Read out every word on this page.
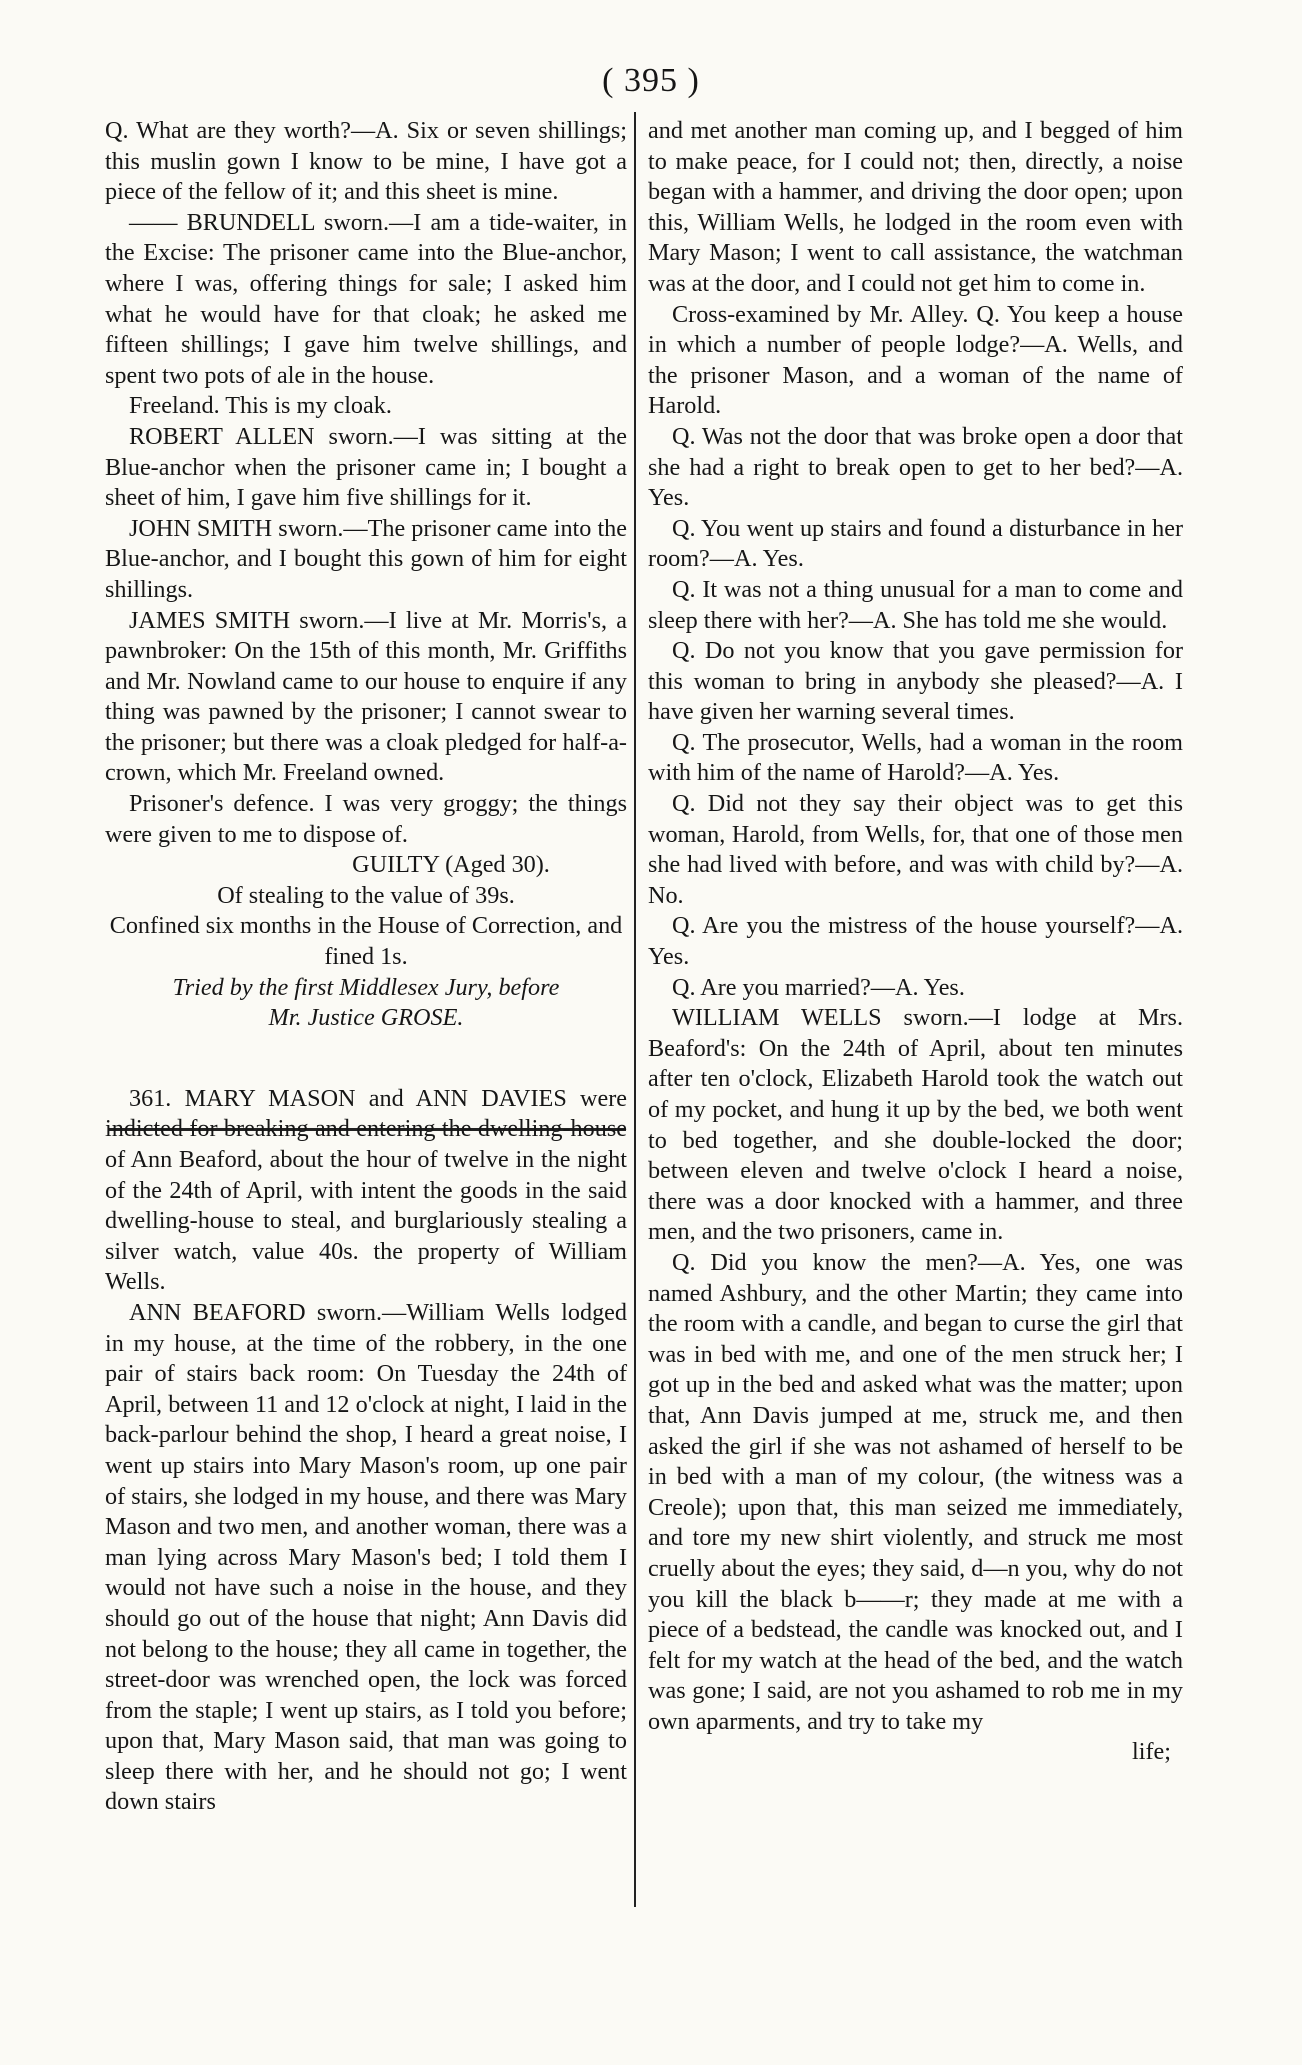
( 395 )

Q. What are they worth?—A. Six or seven shillings; this muslin gown I know to be mine, I have got a piece of the fellow of it; and this sheet is mine.

—— BRUNDELL sworn.—I am a tide-waiter, in the Excise: The prisoner came into the Blue-anchor, where I was, offering things for sale; I asked him what he would have for that cloak; he asked me fifteen shillings; I gave him twelve shillings, and spent two pots of ale in the house.

Freeland. This is my cloak.

ROBERT ALLEN sworn.—I was sitting at the Blue-anchor when the prisoner came in; I bought a sheet of him, I gave him five shillings for it.

JOHN SMITH sworn.—The prisoner came into the Blue-anchor, and I bought this gown of him for eight shillings.

JAMES SMITH sworn.—I live at Mr. Morris's, a pawnbroker: On the 15th of this month, Mr. Griffiths and Mr. Nowland came to our house to enquire if any thing was pawned by the prisoner; I cannot swear to the prisoner; but there was a cloak pledged for half-a-crown, which Mr. Freeland owned.

Prisoner's defence. I was very groggy; the things were given to me to dispose of.

GUILTY (Aged 30).

Of stealing to the value of 39s.

Confined six months in the House of Correction, and fined 1s.

Tried by the first Middlesex Jury, before

Mr. Justice GROSE.

361. MARY MASON and ANN DAVIES were indicted for breaking and entering the dwelling-house of Ann Beaford, about the hour of twelve in the night of the 24th of April, with intent the goods in the said dwelling-house to steal, and burglariously stealing a silver watch, value 40s. the property of William Wells.

ANN BEAFORD sworn.—William Wells lodged in my house, at the time of the robbery, in the one pair of stairs back room: On Tuesday the 24th of April, between 11 and 12 o'clock at night, I laid in the back-parlour behind the shop, I heard a great noise, I went up stairs into Mary Mason's room, up one pair of stairs, she lodged in my house, and there was Mary Mason and two men, and another woman, there was a man lying across Mary Mason's bed; I told them I would not have such a noise in the house, and they should go out of the house that night; Ann Davis did not belong to the house; they all came in together, the street-door was wrenched open, the lock was forced from the staple; I went up stairs, as I told you before; upon that, Mary Mason said, that man was going to sleep there with her, and he should not go; I went down stairs

and met another man coming up, and I begged of him to make peace, for I could not; then, directly, a noise began with a hammer, and driving the door open; upon this, William Wells, he lodged in the room even with Mary Mason; I went to call assistance, the watchman was at the door, and I could not get him to come in.

Cross-examined by Mr. Alley. Q. You keep a house in which a number of people lodge?—A. Wells, and the prisoner Mason, and a woman of the name of Harold.

Q. Was not the door that was broke open a door that she had a right to break open to get to her bed?—A. Yes.

Q. You went up stairs and found a disturbance in her room?—A. Yes.

Q. It was not a thing unusual for a man to come and sleep there with her?—A. She has told me she would.

Q. Do not you know that you gave permission for this woman to bring in anybody she pleased?—A. I have given her warning several times.

Q. The prosecutor, Wells, had a woman in the room with him of the name of Harold?—A. Yes.

Q. Did not they say their object was to get this woman, Harold, from Wells, for, that one of those men she had lived with before, and was with child by?—A. No.

Q. Are you the mistress of the house yourself?—A. Yes.

Q. Are you married?—A. Yes.

WILLIAM WELLS sworn.—I lodge at Mrs. Beaford's: On the 24th of April, about ten minutes after ten o'clock, Elizabeth Harold took the watch out of my pocket, and hung it up by the bed, we both went to bed together, and she double-locked the door; between eleven and twelve o'clock I heard a noise, there was a door knocked with a hammer, and three men, and the two prisoners, came in.

Q. Did you know the men?—A. Yes, one was named Ashbury, and the other Martin; they came into the room with a candle, and began to curse the girl that was in bed with me, and one of the men struck her; I got up in the bed and asked what was the matter; upon that, Ann Davis jumped at me, struck me, and then asked the girl if she was not ashamed of herself to be in bed with a man of my colour, (the witness was a Creole); upon that, this man seized me immediately, and tore my new shirt violently, and struck me most cruelly about the eyes; they said, d—n you, why do not you kill the black b——r; they made at me with a piece of a bedstead, the candle was knocked out, and I felt for my watch at the head of the bed, and the watch was gone; I said, are not you ashamed to rob me in my own aparments, and try to take my

life;
